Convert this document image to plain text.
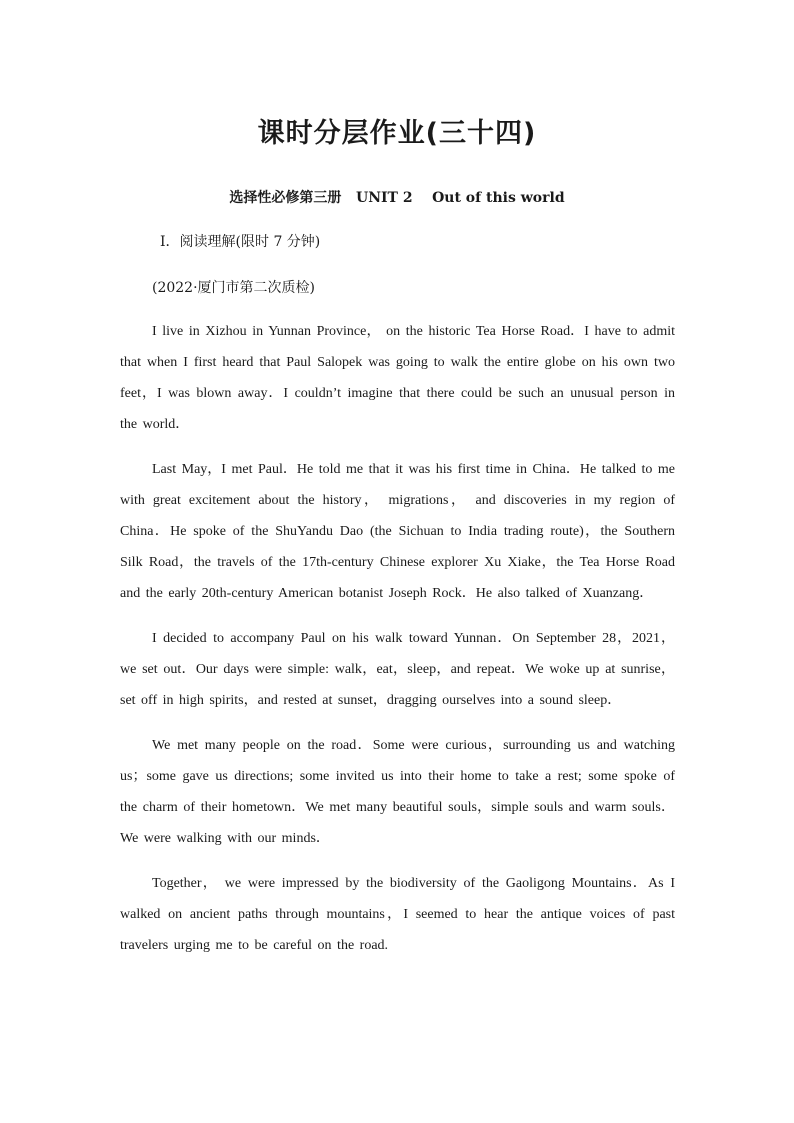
课时分层作业(三十四)

选择性必修第三册   UNIT 2    Out of this world

Ⅰ．阅读理解(限时 7 分钟)

(2022·厦门市第二次质检)

I live in Xizhou in Yunnan Province， on the historic Tea Horse Road．I have to admit that when I first heard that Paul Salopek was going to walk the entire globe on his own two feet，I was blown away．I couldn’t imagine that there could be such an unusual person in the world．

Last May，I met Paul．He told me that it was his first time in China．He talked to me with great excitement about the history， migrations， and discoveries in my region of China．He spoke of the ShuYandu Dao (the Sichuan to India trading route)，the Southern Silk Road，the travels of the 17th-century Chinese explorer Xu Xiake，the Tea Horse Road and the early 20th-century American botanist Joseph Rock．He also talked of Xuanzang．

I decided to accompany Paul on his walk toward Yunnan．On September 28，2021，we set out．Our days were simple: walk，eat，sleep，and repeat．We woke up at sunrise，set off in high spirits，and rested at sunset，dragging ourselves into a sound sleep．

We met many people on the road．Some were curious，surrounding us and watching us；some gave us directions; some invited us into their home to take a rest; some spoke of the charm of their hometown．We met many beautiful souls，simple souls and warm souls．We were walking with our minds．

Together， we were impressed by the biodiversity of the Gaoligong Mountains．As I walked on ancient paths through mountains，I seemed to hear the antique voices of past travelers urging me to be careful on the road.
